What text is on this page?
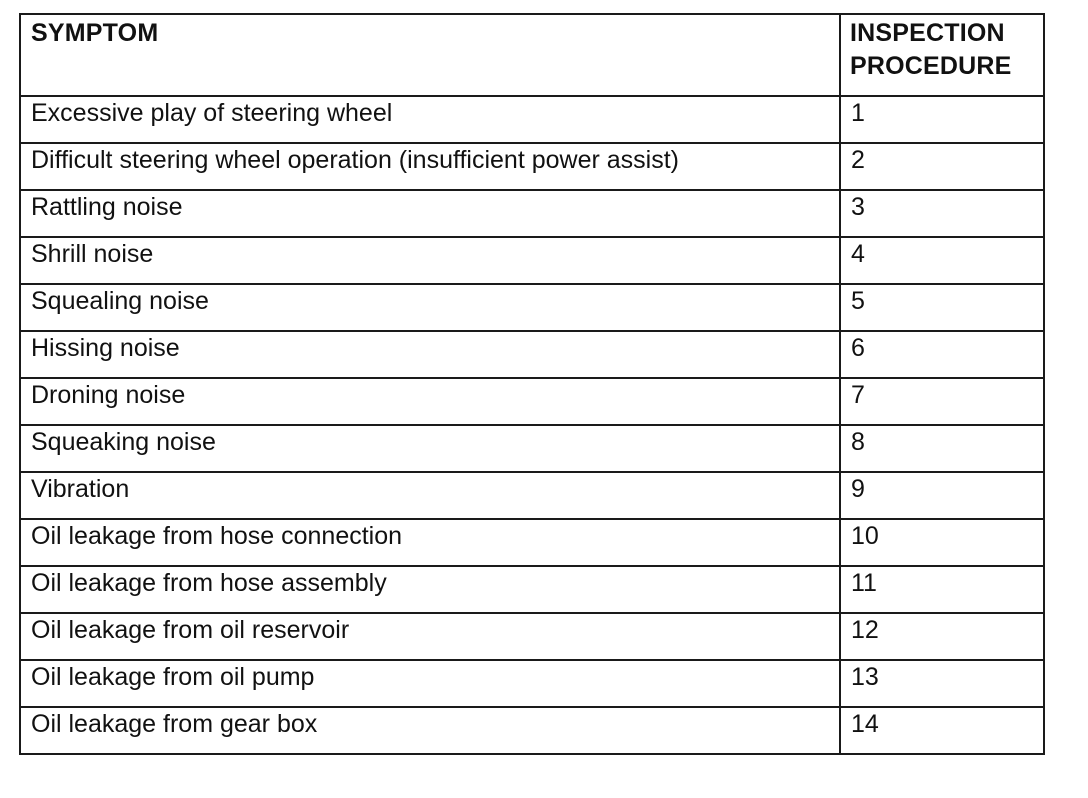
SYMPTOM	INSPECTION
PROCEDURE
Excessive play of steering wheel	1
Difficult steering wheel operation (insufficient power assist)	2
Rattling noise	3
Shrill noise	4
Squealing noise	5
Hissing noise	6
Droning noise	7
Squeaking noise	8
Vibration	9
Oil leakage from hose connection	10
Oil leakage from hose assembly	11
Oil leakage from oil reservoir	12
Oil leakage from oil pump	13
Oil leakage from gear box	14
